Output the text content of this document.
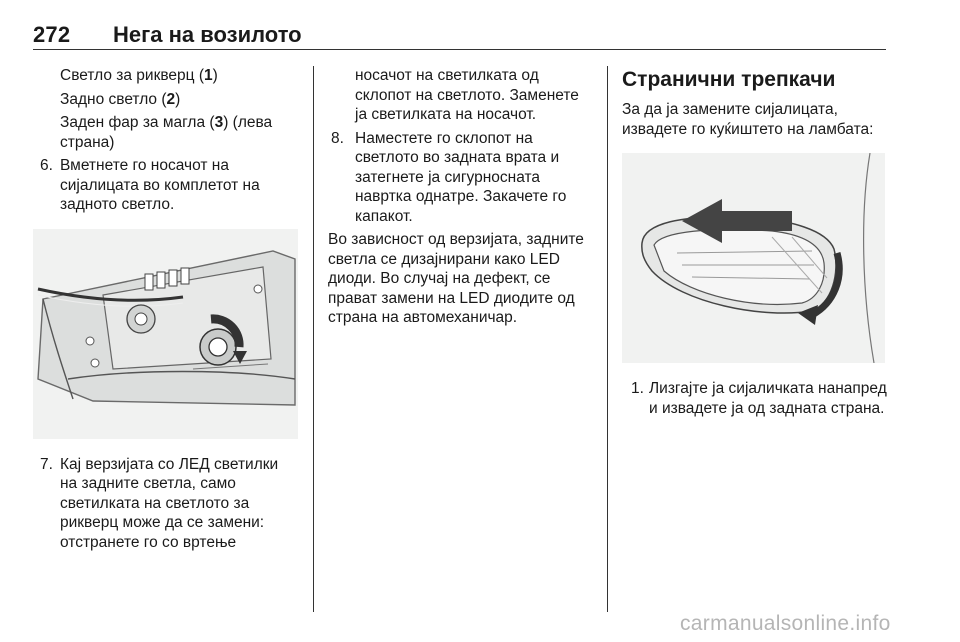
272 Нега на возилото

Светло за рикверц (1)

Задно светло (2)

Заден фар за магла (3) (лева страна)

6. Вметнете го носачот на сијалицата во комплетот на задното светло.
7. Кај верзијата со ЛЕД светилки на задните светла, само светилката на светлото за рикверц може да се замени: отстранете го со вртење

носачот на светилката од склопот на светлото. Заменете ја светилката на носачот.

8. Наместете го склопот на светлото во задната врата и затегнете ја сигурносната навртка однатре. Закачете го капакот.

Во зависност од верзијата, задните светла се дизајнирани како LED диоди. Во случај на дефект, се прават замени на LED диодите од страна на автомеханичар.

Странични трепкачи

За да ја замените сијалицата, извадете го куќиштето на ламбата:

1. Лизгајте ја сијаличката нанапред и извадете ја од задната страна.
carmanualsonline.info
